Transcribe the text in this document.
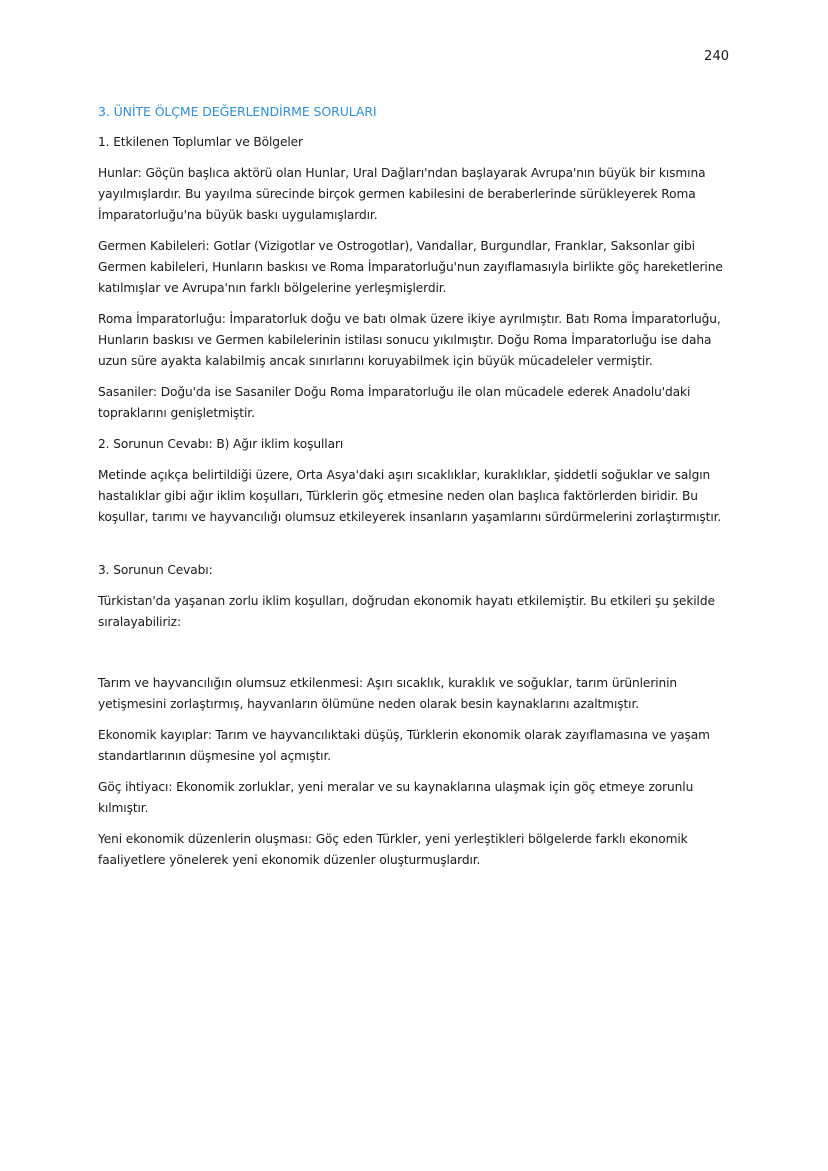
240
3. ÜNİTE ÖLÇME DEĞERLENDİRME SORULARI
1. Etkilenen Toplumlar ve Bölgeler
Hunlar: Göçün başlıca aktörü olan Hunlar, Ural Dağları'ndan başlayarak Avrupa'nın büyük bir kısmına yayılmışlardır. Bu yayılma sürecinde birçok germen kabilesini de beraberlerinde sürükleyerek Roma İmparatorluğu'na büyük baskı uygulamışlardır.
Germen Kabileleri: Gotlar (Vizigotlar ve Ostrogotlar), Vandallar, Burgundlar, Franklar, Saksonlar gibi Germen kabileleri, Hunların baskısı ve Roma İmparatorluğu'nun zayıflamasıyla birlikte göç hareketlerine katılmışlar ve Avrupa'nın farklı bölgelerine yerleşmişlerdir.
Roma İmparatorluğu: İmparatorluk doğu ve batı olmak üzere ikiye ayrılmıştır. Batı Roma İmparatorluğu, Hunların baskısı ve Germen kabilelerinin istilası sonucu yıkılmıştır. Doğu Roma İmparatorluğu ise daha uzun süre ayakta kalabilmiş ancak sınırlarını koruyabilmek için büyük mücadeleler vermiştir.
Sasaniler: Doğu'da ise Sasaniler Doğu Roma İmparatorluğu ile olan mücadele ederek Anadolu'daki topraklarını genişletmiştir.
2. Sorunun Cevabı: B) Ağır iklim koşulları
Metinde açıkça belirtildiği üzere, Orta Asya'daki aşırı sıcaklıklar, kuraklıklar, şiddetli soğuklar ve salgın hastalıklar gibi ağır iklim koşulları, Türklerin göç etmesine neden olan başlıca faktörlerden biridir. Bu koşullar, tarımı ve hayvancılığı olumsuz etkileyerek insanların yaşamlarını sürdürmelerini zorlaştırmıştır.
3. Sorunun Cevabı:
Türkistan'da yaşanan zorlu iklim koşulları, doğrudan ekonomik hayatı etkilemiştir. Bu etkileri şu şekilde sıralayabiliriz:
Tarım ve hayvancılığın olumsuz etkilenmesi: Aşırı sıcaklık, kuraklık ve soğuklar, tarım ürünlerinin yetişmesini zorlaştırmış, hayvanların ölümüne neden olarak besin kaynaklarını azaltmıştır.
Ekonomik kayıplar: Tarım ve hayvancılıktaki düşüş, Türklerin ekonomik olarak zayıflamasına ve yaşam standartlarının düşmesine yol açmıştır.
Göç ihtiyacı: Ekonomik zorluklar, yeni meralar ve su kaynaklarına ulaşmak için göç etmeye zorunlu kılmıştır.
Yeni ekonomik düzenlerin oluşması: Göç eden Türkler, yeni yerleştikleri bölgelerde farklı ekonomik faaliyetlere yönelerek yeni ekonomik düzenler oluşturmuşlardır.
